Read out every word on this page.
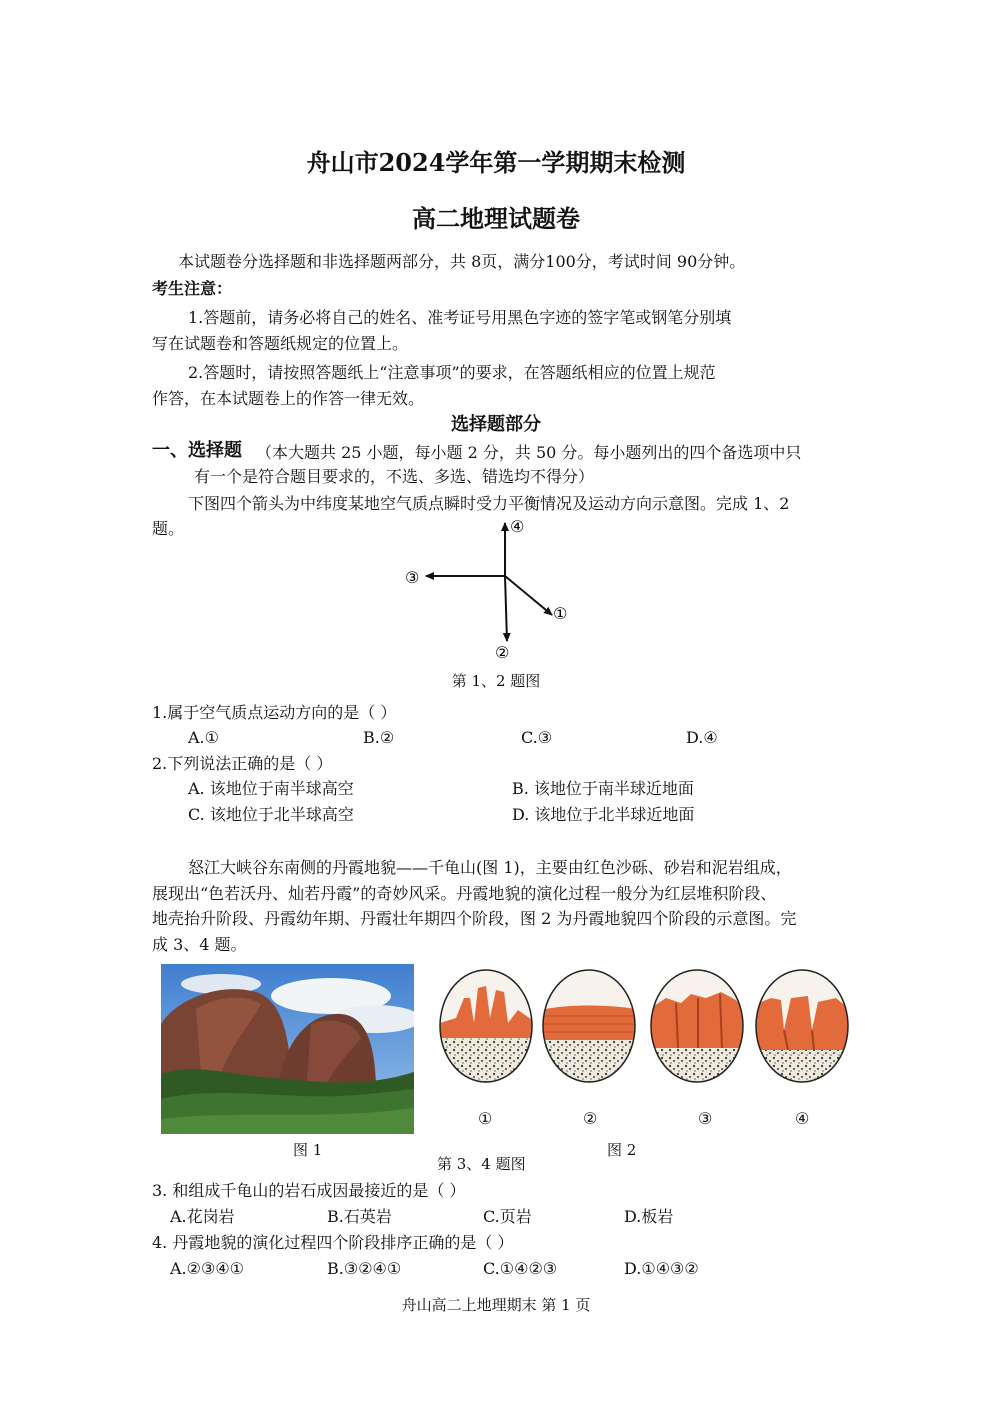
舟山市2024学年第一学期期末检测
高二地理试题卷
本试题卷分选择题和非选择题两部分，共 8页，满分100分，考试时间 90分钟。
考生注意：
1.答题前，请务必将自己的姓名、准考证号用黑色字迹的签字笔或钢笔分别填
写在试题卷和答题纸规定的位置上。
2.答题时，请按照答题纸上“注意事项”的要求，在答题纸相应的位置上规范
作答，在本试题卷上的作答一律无效。
选择题部分
一、选择题 （本大题共 25 小题，每小题 2 分，共 50 分。每小题列出的四个备选项中只
有一个是符合题目要求的，不选、多选、错选均不得分）
下图四个箭头为中纬度某地空气质点瞬时受力平衡情况及运动方向示意图。完成 1、2
题。	④
③
②
①
第 1、2 题图
1.属于空气质点运动方向的是（ ）
A.①	B.②	C.③	D.④
2.下列说法正确的是（ ）
A. 该地位于南半球高空	B. 该地位于南半球近地面
C. 该地位于北半球高空	D. 该地位于北半球近地面
怒江大峡谷东南侧的丹霞地貌——千龟山(图 1)，主要由红色沙砾、砂岩和泥岩组成，
展现出“色若沃丹、灿若丹霞”的奇妙风采。丹霞地貌的演化过程一般分为红层堆积阶段、
地壳抬升阶段、丹霞幼年期、丹霞壮年期四个阶段，图 2 为丹霞地貌四个阶段的示意图。完
成 3、4 题。
图 1
①	②	③	④
图 2
第 3、4 题图
3. 和组成千龟山的岩石成因最接近的是（ ）
A.花岗岩	B.石英岩	C.页岩	D.板岩
4. 丹霞地貌的演化过程四个阶段排序正确的是（ ）
A.②③④①	B.③②④①	C.①④②③	D.①④③②
舟山高二上地理期末 第 1 页
